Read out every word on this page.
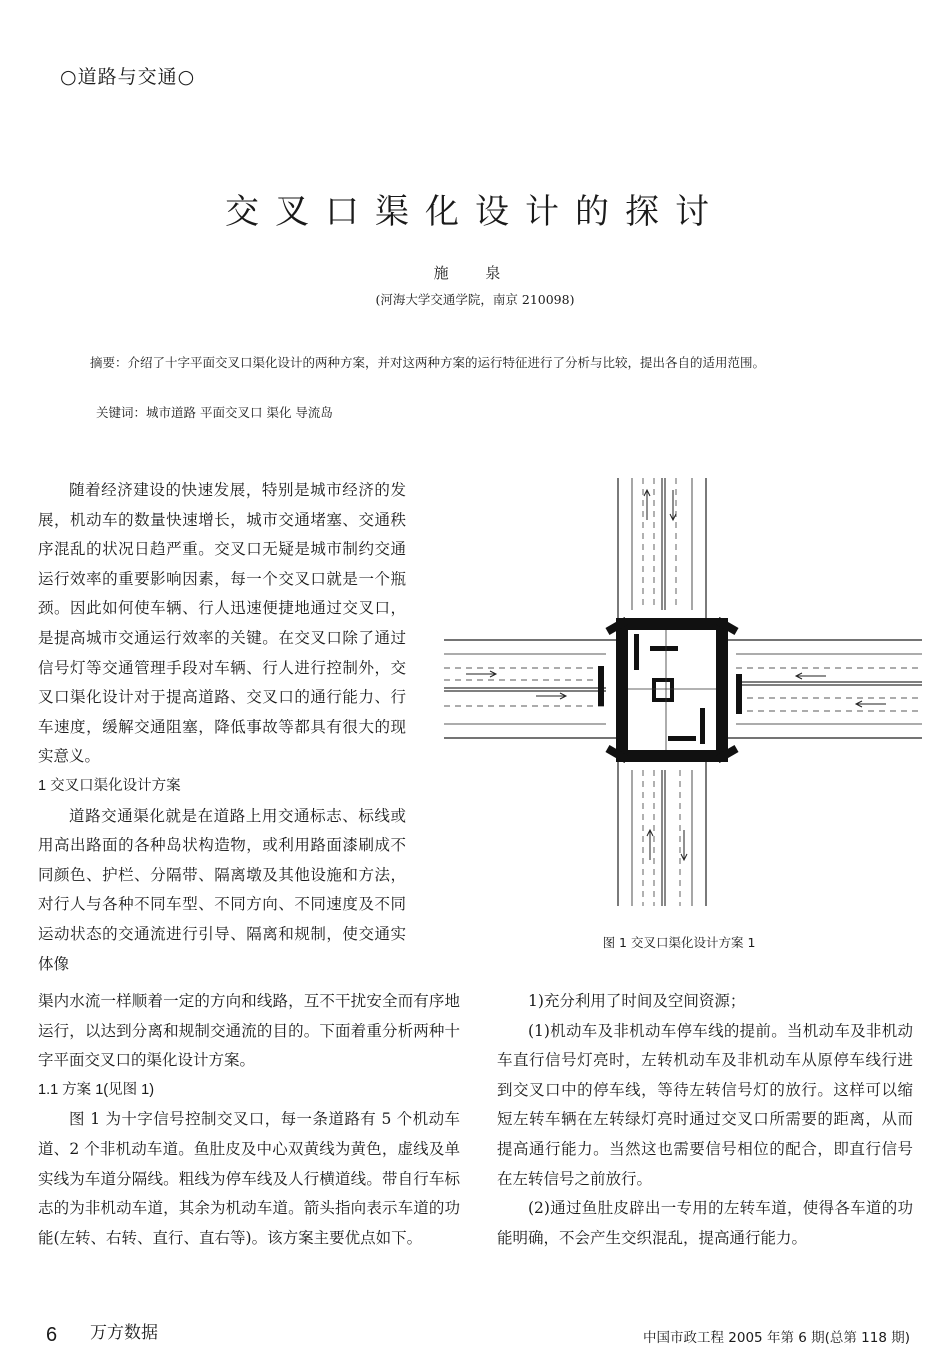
○道路与交通○
交叉口渠化设计的探讨
施 泉
(河海大学交通学院，南京 210098)

摘要：介绍了十字平面交叉口渠化设计的两种方案，并对这两种方案的运行特征进行了分析与比较，提出各自的适用范围。

关键词：城市道路 平面交叉口 渠化 导流岛

随着经济建设的快速发展，特别是城市经济的发展，机动车的数量快速增长，城市交通堵塞、交通秩序混乱的状况日趋严重。交叉口无疑是城市制约交通运行效率的重要影响因素，每一个交叉口就是一个瓶颈。因此如何使车辆、行人迅速便捷地通过交叉口，是提高城市交通运行效率的关键。在交叉口除了通过信号灯等交通管理手段对车辆、行人进行控制外，交叉口渠化设计对于提高道路、交叉口的通行能力、行车速度，缓解交通阻塞，降低事故等都具有很大的现实意义。

1 交叉口渠化设计方案

道路交通渠化就是在道路上用交通标志、标线或用高出路面的各种岛状构造物，或利用路面漆刷成不同颜色、护栏、分隔带、隔离墩及其他设施和方法，对行人与各种不同车型、不同方向、不同速度及不同运动状态的交通流进行引导、隔离和规制，使交通实体像

渠内水流一样顺着一定的方向和线路，互不干扰安全而有序地运行，以达到分离和规制交通流的目的。下面着重分析两种十字平面交叉口的渠化设计方案。

1.1 方案 1(见图 1)

图 1 为十字信号控制交叉口，每一条道路有 5 个机动车道、2 个非机动车道。鱼肚皮及中心双黄线为黄色，虚线及单实线为车道分隔线。粗线为停车线及人行横道线。带自行车标志的为非机动车道，其余为机动车道。箭头指向表示车道的功能(左转、右转、直行、直右等)。该方案主要优点如下。

1)充分利用了时间及空间资源；

(1)机动车及非机动车停车线的提前。当机动车及非机动车直行信号灯亮时，左转机动车及非机动车从原停车线行进到交叉口中的停车线，等待左转信号灯的放行。这样可以缩短左转车辆在左转绿灯亮时通过交叉口所需要的距离，从而提高通行能力。当然这也需要信号相位的配合，即直行信号在左转信号之前放行。

(2)通过鱼肚皮辟出一专用的左转车道，使得各车道的功能明确，不会产生交织混乱，提高通行能力。

图 1 交叉口渠化设计方案 1
6 万方数据	中国市政工程 2005 年第 6 期(总第 118 期)
